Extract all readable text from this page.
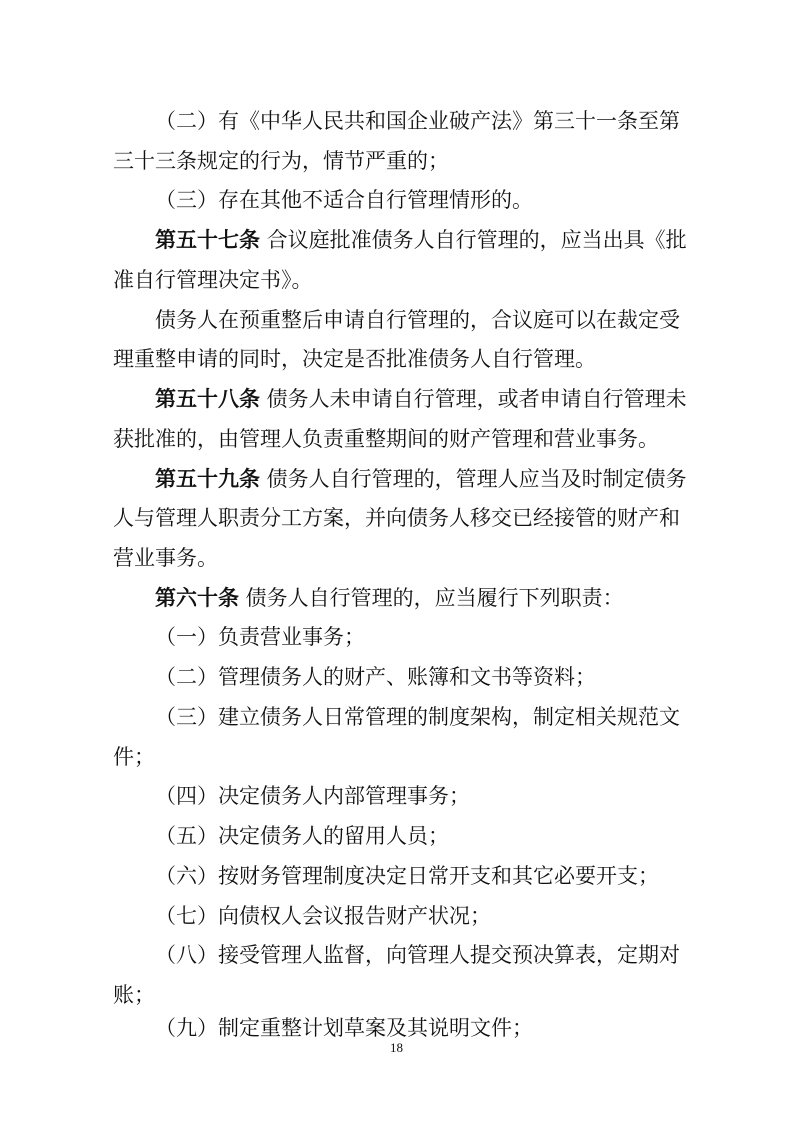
（二）有《中华人民共和国企业破产法》第三十一条至第
三十三条规定的行为，情节严重的；
（三）存在其他不适合自行管理情形的。
第五十七条 合议庭批准债务人自行管理的，应当出具《批
准自行管理决定书》。
债务人在预重整后申请自行管理的，合议庭可以在裁定受
理重整申请的同时，决定是否批准债务人自行管理。
第五十八条 债务人未申请自行管理，或者申请自行管理未
获批准的，由管理人负责重整期间的财产管理和营业事务。
第五十九条 债务人自行管理的，管理人应当及时制定债务
人与管理人职责分工方案，并向债务人移交已经接管的财产和
营业事务。
第六十条 债务人自行管理的，应当履行下列职责：
（一）负责营业事务；
（二）管理债务人的财产、账簿和文书等资料；
（三）建立债务人日常管理的制度架构，制定相关规范文
件；
（四）决定债务人内部管理事务；
（五）决定债务人的留用人员；
（六）按财务管理制度决定日常开支和其它必要开支；
（七）向债权人会议报告财产状况；
（八）接受管理人监督，向管理人提交预决算表，定期对
账；
（九）制定重整计划草案及其说明文件；
18
